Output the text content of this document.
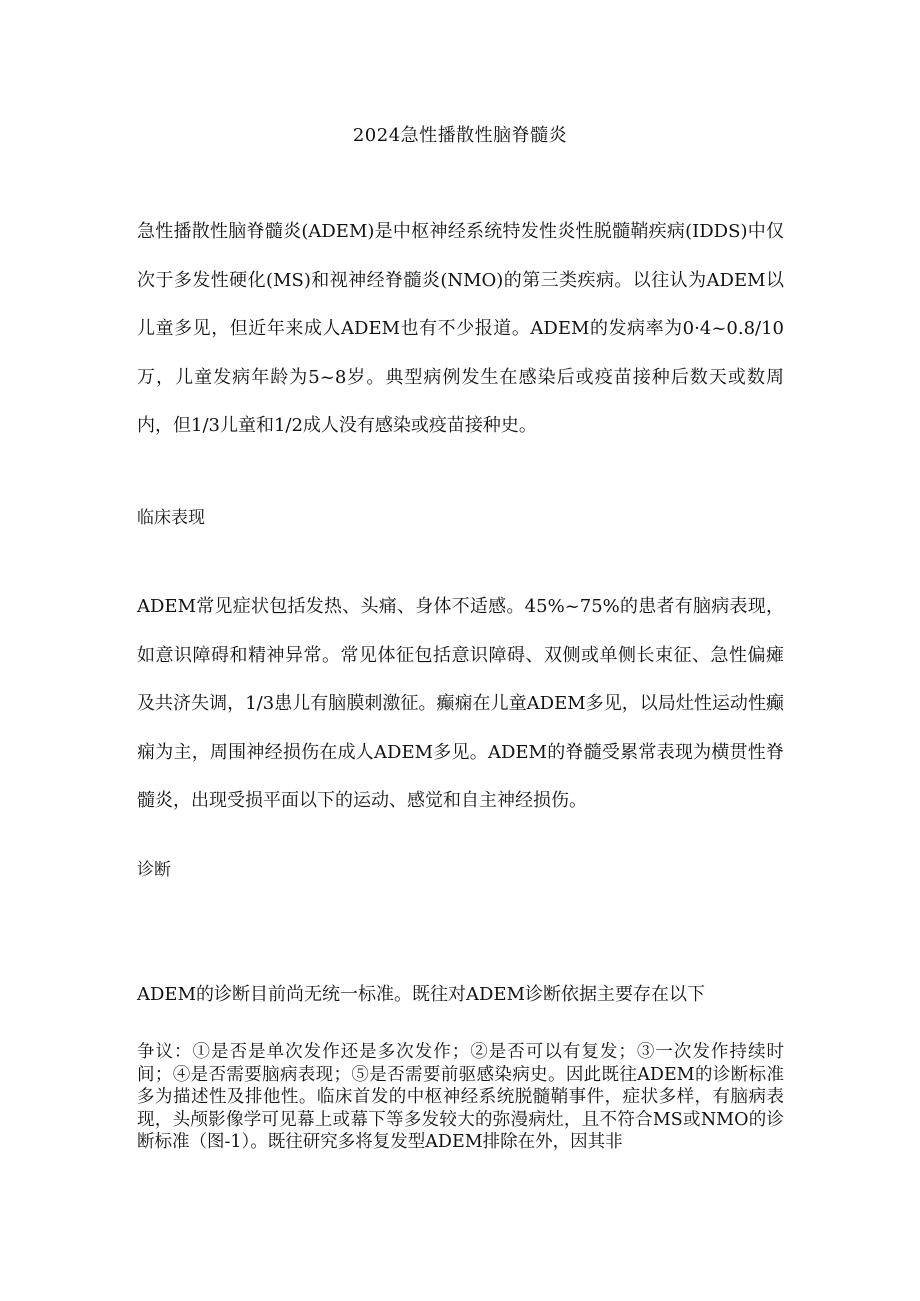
2024急性播散性脑脊髓炎

急性播散性脑脊髓炎(ADEM)是中枢神经系统特发性炎性脱髓鞘疾病(IDDS)中仅次于多发性硬化(MS)和视神经脊髓炎(NMO)的第三类疾病。以往认为ADEM以儿童多见，但近年来成人ADEM也有不少报道。ADEM的发病率为0·4~0.8/10万，儿童发病年龄为5~8岁。典型病例发生在感染后或疫苗接种后数天或数周内，但1/3儿童和1/2成人没有感染或疫苗接种史。

临床表现

ADEM常见症状包括发热、头痛、身体不适感。45%~75%的患者有脑病表现，如意识障碍和精神异常。常见体征包括意识障碍、双侧或单侧长束征、急性偏瘫及共济失调，1/3患儿有脑膜刺激征。癫痫在儿童ADEM多见，以局灶性运动性癫痫为主，周围神经损伤在成人ADEM多见。ADEM的脊髓受累常表现为横贯性脊髓炎，出现受损平面以下的运动、感觉和自主神经损伤。

诊断

ADEM的诊断目前尚无统一标准。既往对ADEM诊断依据主要存在以下

争议：①是否是单次发作还是多次发作；②是否可以有复发；③一次发作持续时间；④是否需要脑病表现；⑤是否需要前驱感染病史。因此既往ADEM的诊断标准多为描述性及排他性。临床首发的中枢神经系统脱髓鞘事件，症状多样，有脑病表现，头颅影像学可见幕上或幕下等多发较大的弥漫病灶，且不符合MS或NMO的诊断标准（图-1）。既往研究多将复发型ADEM排除在外，因其非
